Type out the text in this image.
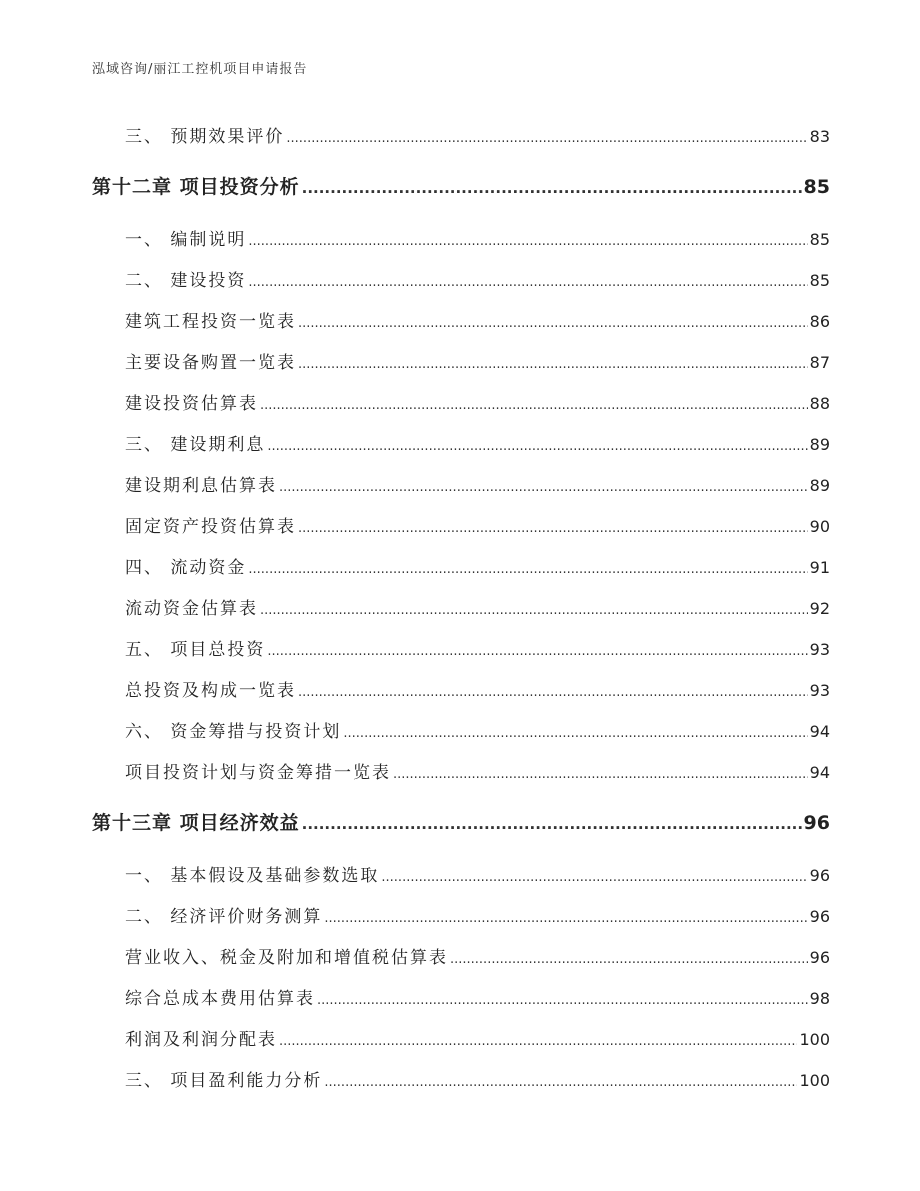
泓域咨询/丽江工控机项目申请报告
三、 预期效果评价 .....	83
第十二章 项目投资分析 .....	85
一、 编制说明 .....	85
二、 建设投资 .....	85
建筑工程投资一览表 .....	86
主要设备购置一览表 .....	87
建设投资估算表 .....	88
三、 建设期利息 .....	89
建设期利息估算表 .....	89
固定资产投资估算表 .....	90
四、 流动资金 .....	91
流动资金估算表 .....	92
五、 项目总投资 .....	93
总投资及构成一览表 .....	93
六、 资金筹措与投资计划 .....	94
项目投资计划与资金筹措一览表 .....	94
第十三章 项目经济效益 .....	96
一、 基本假设及基础参数选取 .....	96
二、 经济评价财务测算 .....	96
营业收入、税金及附加和增值税估算表 .....	96
综合总成本费用估算表 .....	98
利润及利润分配表 .....	100
三、 项目盈利能力分析 .....	100
